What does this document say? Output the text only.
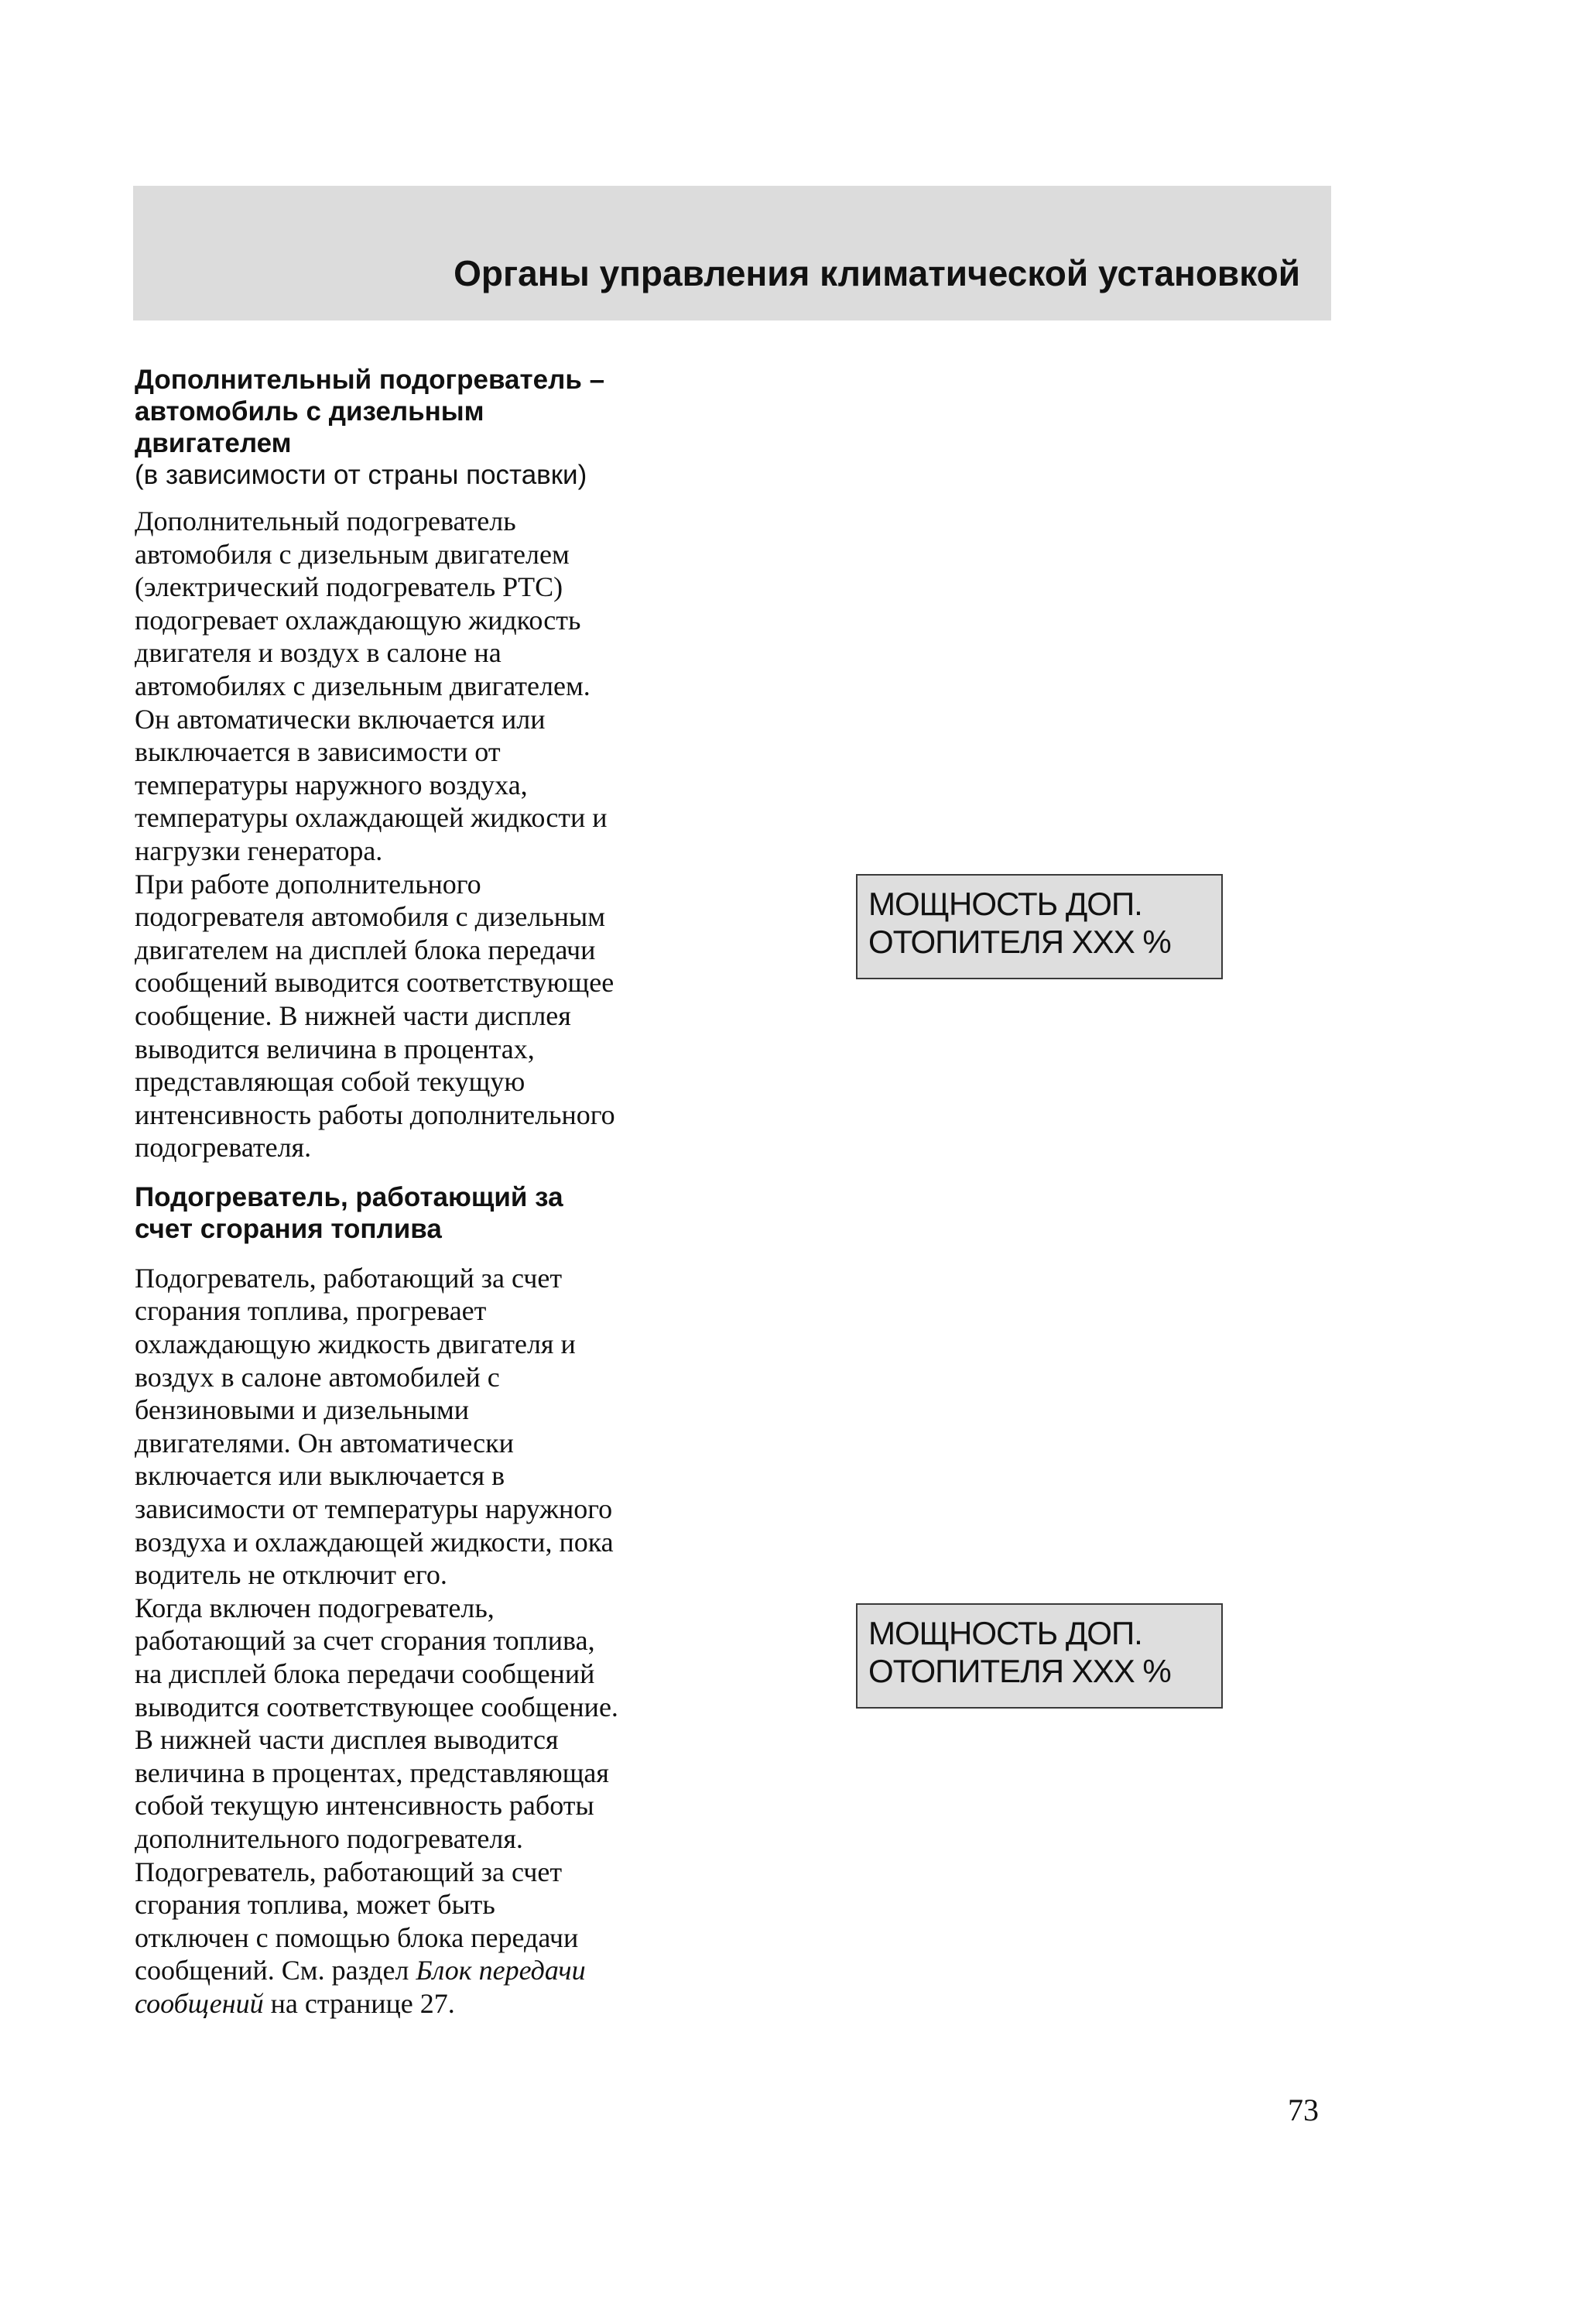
Органы управления климатической установкой
Дополнительный подогреватель –
автомобиль с дизельным
двигателем

(в зависимости от страны поставки)

Дополнительный подогреватель
автомобиля с дизельным двигателем
(электрический подогреватель PTC)
подогревает охлаждающую жидкость
двигателя и воздух в салоне на
автомобилях с дизельным двигателем.
Он автоматически включается или
выключается в зависимости от
температуры наружного воздуха,
температуры охлаждающей жидкости и
нагрузки генератора.
При работе дополнительного
подогревателя автомобиля с дизельным
двигателем на дисплей блока передачи
сообщений выводится соответствующее
сообщение. В нижней части дисплея
выводится величина в процентах,
представляющая собой текущую
интенсивность работы дополнительного
подогревателя.

Подогреватель, работающий за
счет сгорания топлива

Подогреватель, работающий за счет
сгорания топлива, прогревает
охлаждающую жидкость двигателя и
воздух в салоне автомобилей с
бензиновыми и дизельными
двигателями. Он автоматически
включается или выключается в
зависимости от температуры наружного
воздуха и охлаждающей жидкости, пока
водитель не отключит его.
Когда включен подогреватель,
работающий за счет сгорания топлива,
на дисплей блока передачи сообщений
выводится соответствующее сообщение.
В нижней части дисплея выводится
величина в процентах, представляющая
собой текущую интенсивность работы
дополнительного подогревателя.
Подогреватель, работающий за счет
сгорания топлива, может быть
отключен с помощью блока передачи
сообщений. См. раздел Блок передачи
сообщений на странице 27.

МОЩНОСТЬ ДОП.
ОТОПИТЕЛЯ XXX %
МОЩНОСТЬ ДОП.
ОТОПИТЕЛЯ XXX %
73
